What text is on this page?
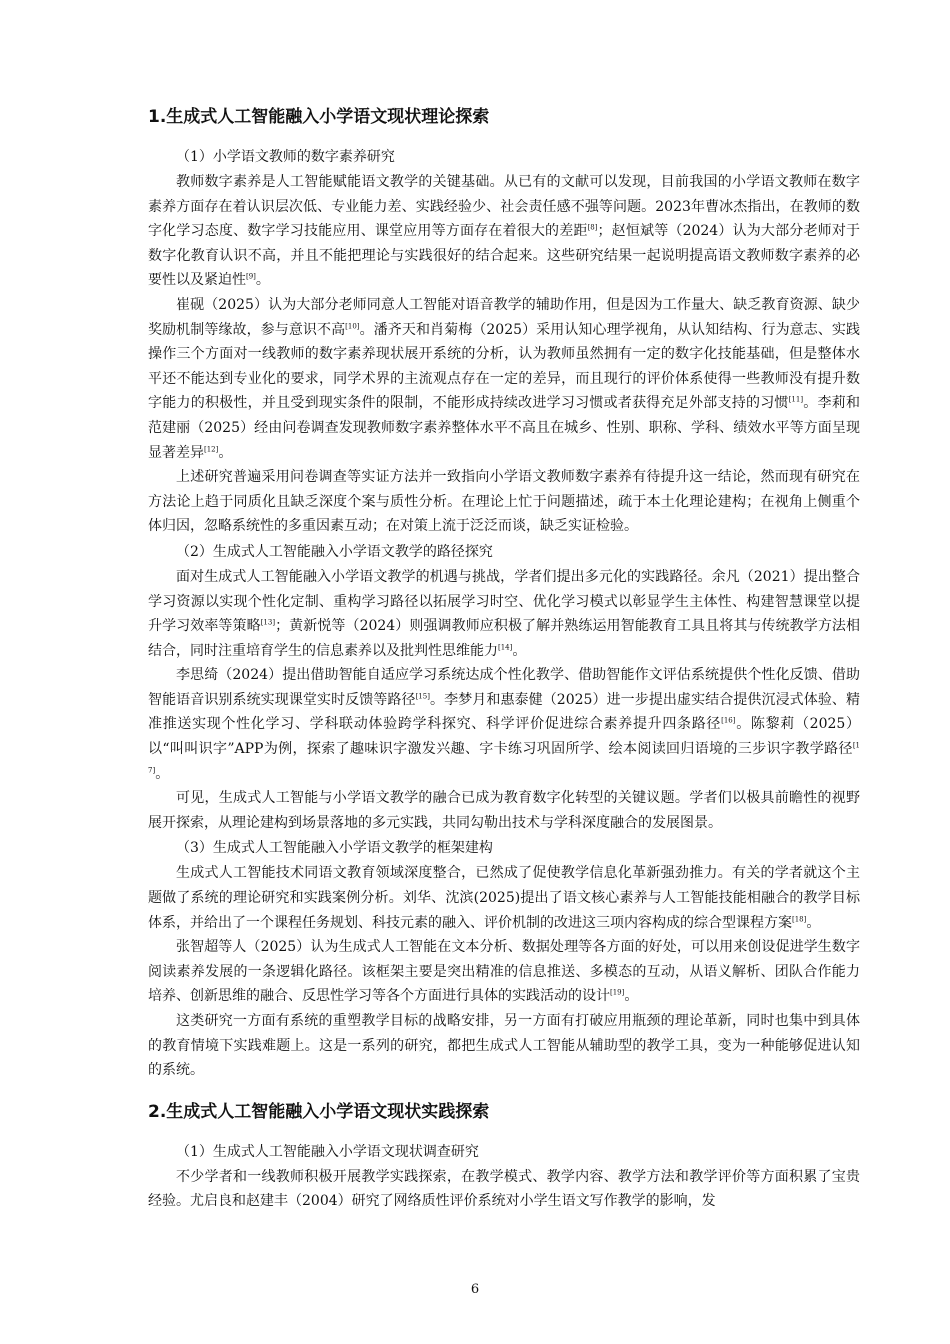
1.生成式人工智能融入小学语文现状理论探索
（1）小学语文教师的数字素养研究

教师数字素养是人工智能赋能语文教学的关键基础。从已有的文献可以发现，目前我国的小学语文教师在数字素养方面存在着认识层次低、专业能力差、实践经验少、社会责任感不强等问题。2023年曹冰杰指出，在教师的数字化学习态度、数字学习技能应用、课堂应用等方面存在着很大的差距[8]；赵恒斌等（2024）认为大部分老师对于数字化教育认识不高，并且不能把理论与实践很好的结合起来。这些研究结果一起说明提高语文教师数字素养的必要性以及紧迫性[9]。

崔砚（2025）认为大部分老师同意人工智能对语音教学的辅助作用，但是因为工作量大、缺乏教育资源、缺少奖励机制等缘故，参与意识不高[10]。潘齐天和肖菊梅（2025）采用认知心理学视角，从认知结构、行为意志、实践操作三个方面对一线教师的数字素养现状展开系统的分析，认为教师虽然拥有一定的数字化技能基础，但是整体水平还不能达到专业化的要求，同学术界的主流观点存在一定的差异，而且现行的评价体系使得一些教师没有提升数字能力的积极性，并且受到现实条件的限制，不能形成持续改进学习习惯或者获得充足外部支持的习惯[11]。李莉和范建丽（2025）经由问卷调查发现教师数字素养整体水平不高且在城乡、性别、职称、学科、绩效水平等方面呈现显著差异[12]。

上述研究普遍采用问卷调查等实证方法并一致指向小学语文教师数字素养有待提升这一结论，然而现有研究在方法论上趋于同质化且缺乏深度个案与质性分析。在理论上忙于问题描述，疏于本土化理论建构；在视角上侧重个体归因，忽略系统性的多重因素互动；在对策上流于泛泛而谈，缺乏实证检验。

（2）生成式人工智能融入小学语文教学的路径探究

面对生成式人工智能融入小学语文教学的机遇与挑战，学者们提出多元化的实践路径。余凡（2021）提出整合学习资源以实现个性化定制、重构学习路径以拓展学习时空、优化学习模式以彰显学生主体性、构建智慧课堂以提升学习效率等策略[13]；黄新悦等（2024）则强调教师应积极了解并熟练运用智能教育工具且将其与传统教学方法相结合，同时注重培育学生的信息素养以及批判性思维能力[14]。

李思绮（2024）提出借助智能自适应学习系统达成个性化教学、借助智能作文评估系统提供个性化反馈、借助智能语音识别系统实现课堂实时反馈等路径[15]。李梦月和惠泰健（2025）进一步提出虚实结合提供沉浸式体验、精准推送实现个性化学习、学科联动体验跨学科探究、科学评价促进综合素养提升四条路径[16]。陈黎莉（2025）以“叫叫识字”APP为例，探索了趣味识字激发兴趣、字卡练习巩固所学、绘本阅读回归语境的三步识字教学路径[17]。

可见，生成式人工智能与小学语文教学的融合已成为教育数字化转型的关键议题。学者们以极具前瞻性的视野展开探索，从理论建构到场景落地的多元实践，共同勾勒出技术与学科深度融合的发展图景。

（3）生成式人工智能融入小学语文教学的框架建构

生成式人工智能技术同语文教育领域深度整合，已然成了促使教学信息化革新强劲推力。有关的学者就这个主题做了系统的理论研究和实践案例分析。刘华、沈滨(2025)提出了语文核心素养与人工智能技能相融合的教学目标体系，并给出了一个课程任务规划、科技元素的融入、评价机制的改进这三项内容构成的综合型课程方案[18]。

张智超等人（2025）认为生成式人工智能在文本分析、数据处理等各方面的好处，可以用来创设促进学生数字阅读素养发展的一条逻辑化路径。该框架主要是突出精准的信息推送、多模态的互动，从语义解析、团队合作能力培养、创新思维的融合、反思性学习等各个方面进行具体的实践活动的设计[19]。

这类研究一方面有系统的重塑教学目标的战略安排，另一方面有打破应用瓶颈的理论革新，同时也集中到具体的教育情境下实践难题上。这是一系列的研究，都把生成式人工智能从辅助型的教学工具，变为一种能够促进认知的系统。

2.生成式人工智能融入小学语文现状实践探索
（1）生成式人工智能融入小学语文现状调查研究

不少学者和一线教师积极开展教学实践探索，在教学模式、教学内容、教学方法和教学评价等方面积累了宝贵经验。尤启良和赵建丰（2004）研究了网络质性评价系统对小学生语文写作教学的影响，发

6
